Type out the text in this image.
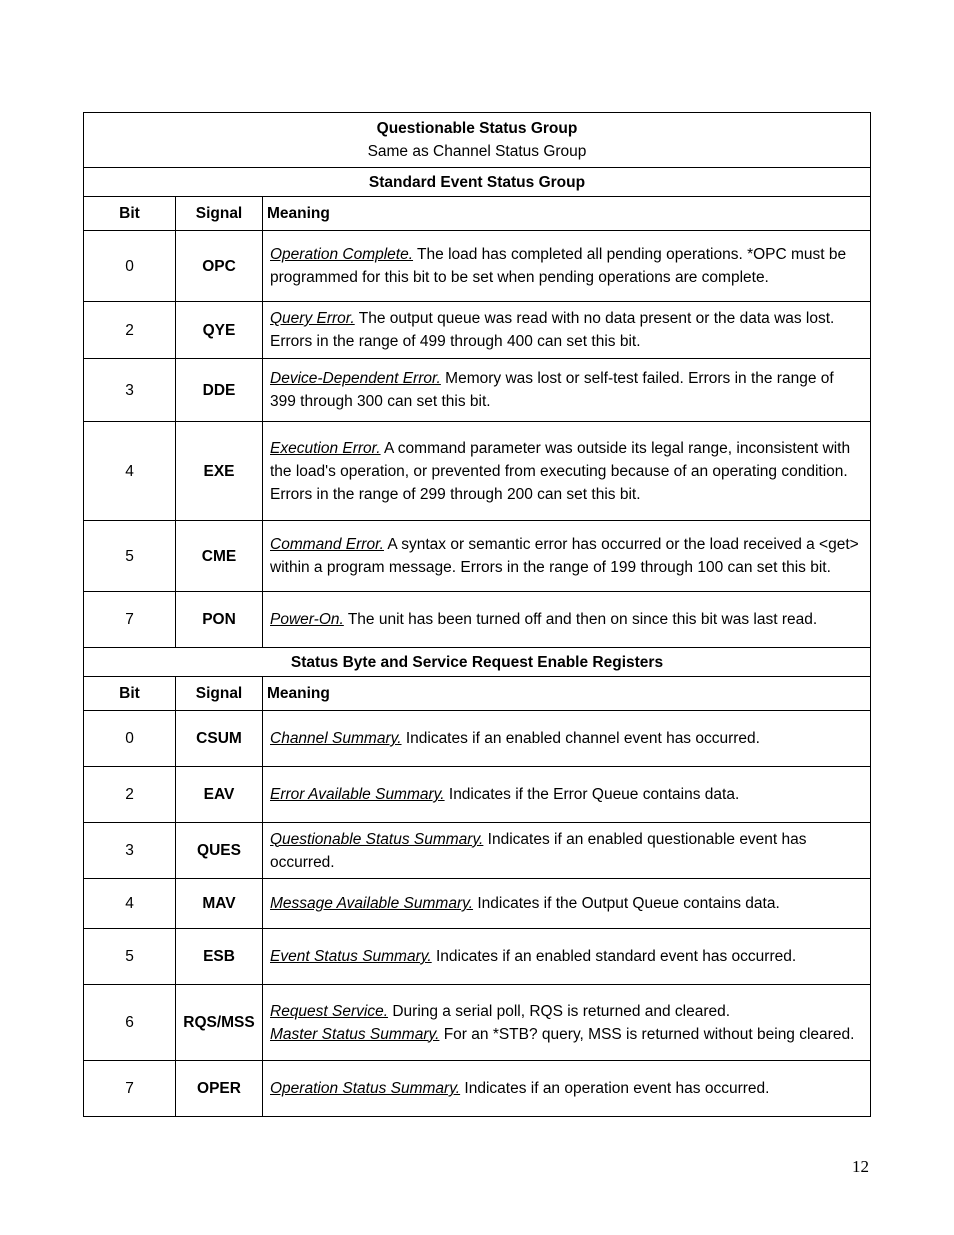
Questionable Status Group
Same as Channel Status Group		

Standard Event Status Group		
Bit	Signal	Meaning
0	OPC	Operation Complete. The load has completed all pending operations. *OPC must be programmed for this bit to be set when pending operations are complete.
2	QYE	Query Error. The output queue was read with no data present or the data was lost. Errors in the range of 499 through 400 can set this bit.
3	DDE	Device-Dependent Error. Memory was lost or self-test failed. Errors in the range of 399 through 300 can set this bit.
4	EXE	Execution Error. A command parameter was outside its legal range, inconsistent with the load's operation, or prevented from executing because of an operating condition. Errors in the range of 299 through 200 can set this bit.
5	CME	Command Error. A syntax or semantic error has occurred or the load received a <get> within a program message. Errors in the range of 199 through 100 can set this bit.
7	PON	Power-On. The unit has been turned off and then on since this bit was last read.
Status Byte and Service Request Enable Registers		
Bit	Signal	Meaning
0	CSUM	Channel Summary. Indicates if an enabled channel event has occurred.
2	EAV	Error Available Summary. Indicates if the Error Queue contains data.
3	QUES	Questionable Status Summary. Indicates if an enabled questionable event has occurred.
4	MAV	Message Available Summary. Indicates if the Output Queue contains data.
5	ESB	Event Status Summary. Indicates if an enabled standard event has occurred.
6	RQS/MSS	Request Service. During a serial poll, RQS is returned and cleared.
Master Status Summary. For an *STB? query, MSS is returned without being cleared.

7	OPER	Operation Status Summary. Indicates if an operation event has occurred.
12
